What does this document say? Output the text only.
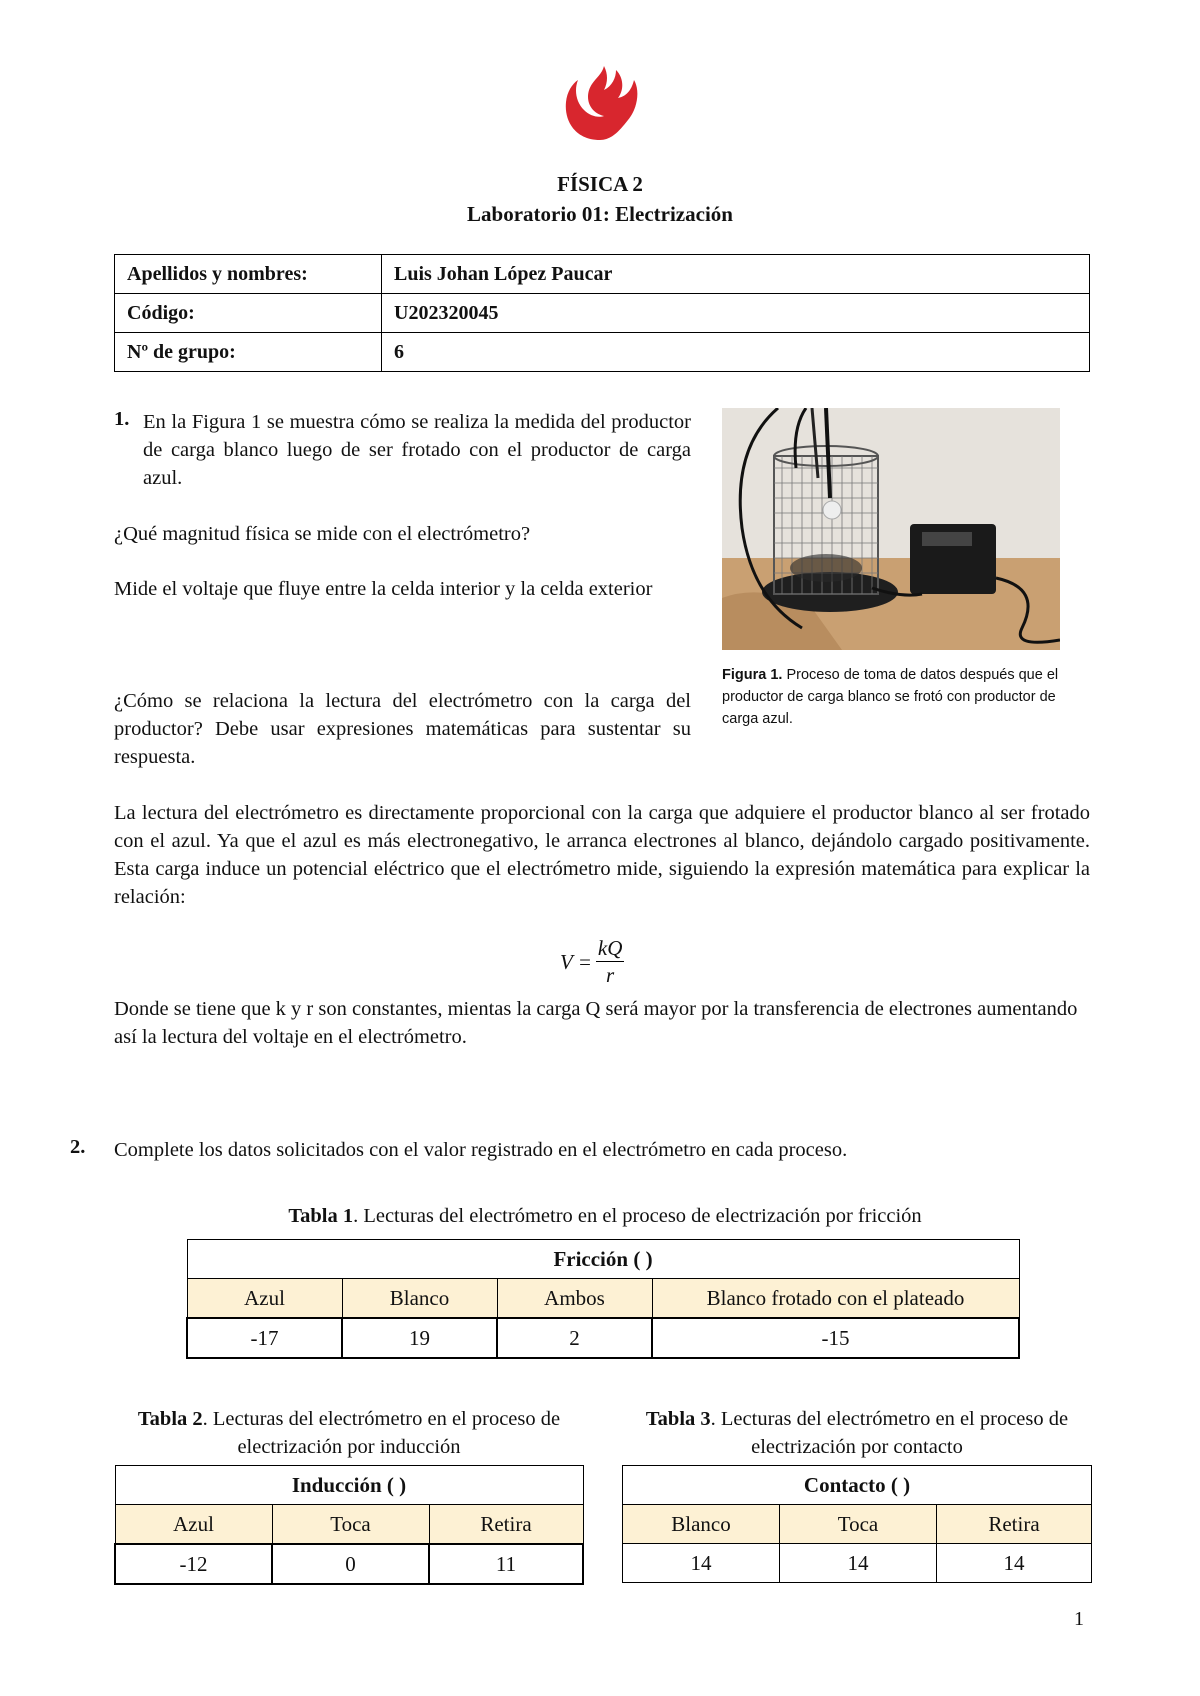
FÍSICA 2
Laboratorio 01: Electrización
Apellidos y nombres:	Luis Johan López Paucar
Código:	U202320045
Nº de grupo:	6
1. En la Figura 1 se muestra cómo se realiza la medida del productor de carga blanco luego de ser frotado con el productor de carga azul.
¿Qué magnitud física se mide con el electrómetro?
Mide el voltaje que fluye entre la celda interior y la celda exterior
¿Cómo se relaciona la lectura del electrómetro con la carga del productor? Debe usar expresiones matemáticas para sustentar su respuesta.
Figura 1. Proceso de toma de datos después que el productor de carga blanco se frotó con productor de carga azul.
La lectura del electrómetro es directamente proporcional con la carga que adquiere el productor blanco al ser frotado con el azul. Ya que el azul es más electronegativo, le arranca electrones al blanco, dejándolo cargado positivamente. Esta carga induce un potencial eléctrico que el electrómetro mide, siguiendo la expresión matemática para explicar la relación:
V =	kQ
r
Donde se tiene que k y r son constantes, mientas la carga Q será mayor por la transferencia de electrones aumentando así la lectura del voltaje en el electrómetro.
2. Complete los datos solicitados con el valor registrado en el electrómetro en cada proceso.
Tabla 1. Lecturas del electrómetro en el proceso de electrización por fricción
Fricción ( )			
Azul	Blanco	Ambos	Blanco frotado con el plateado
-17	19	2	-15
Tabla 2. Lecturas del electrómetro en el proceso de electrización por inducción
Inducción ( )		
Azul	Toca	Retira
-12	0	11
Tabla 3. Lecturas del electrómetro en el proceso de electrización por contacto
Contacto ( )		
Blanco	Toca	Retira
14	14	14
1
